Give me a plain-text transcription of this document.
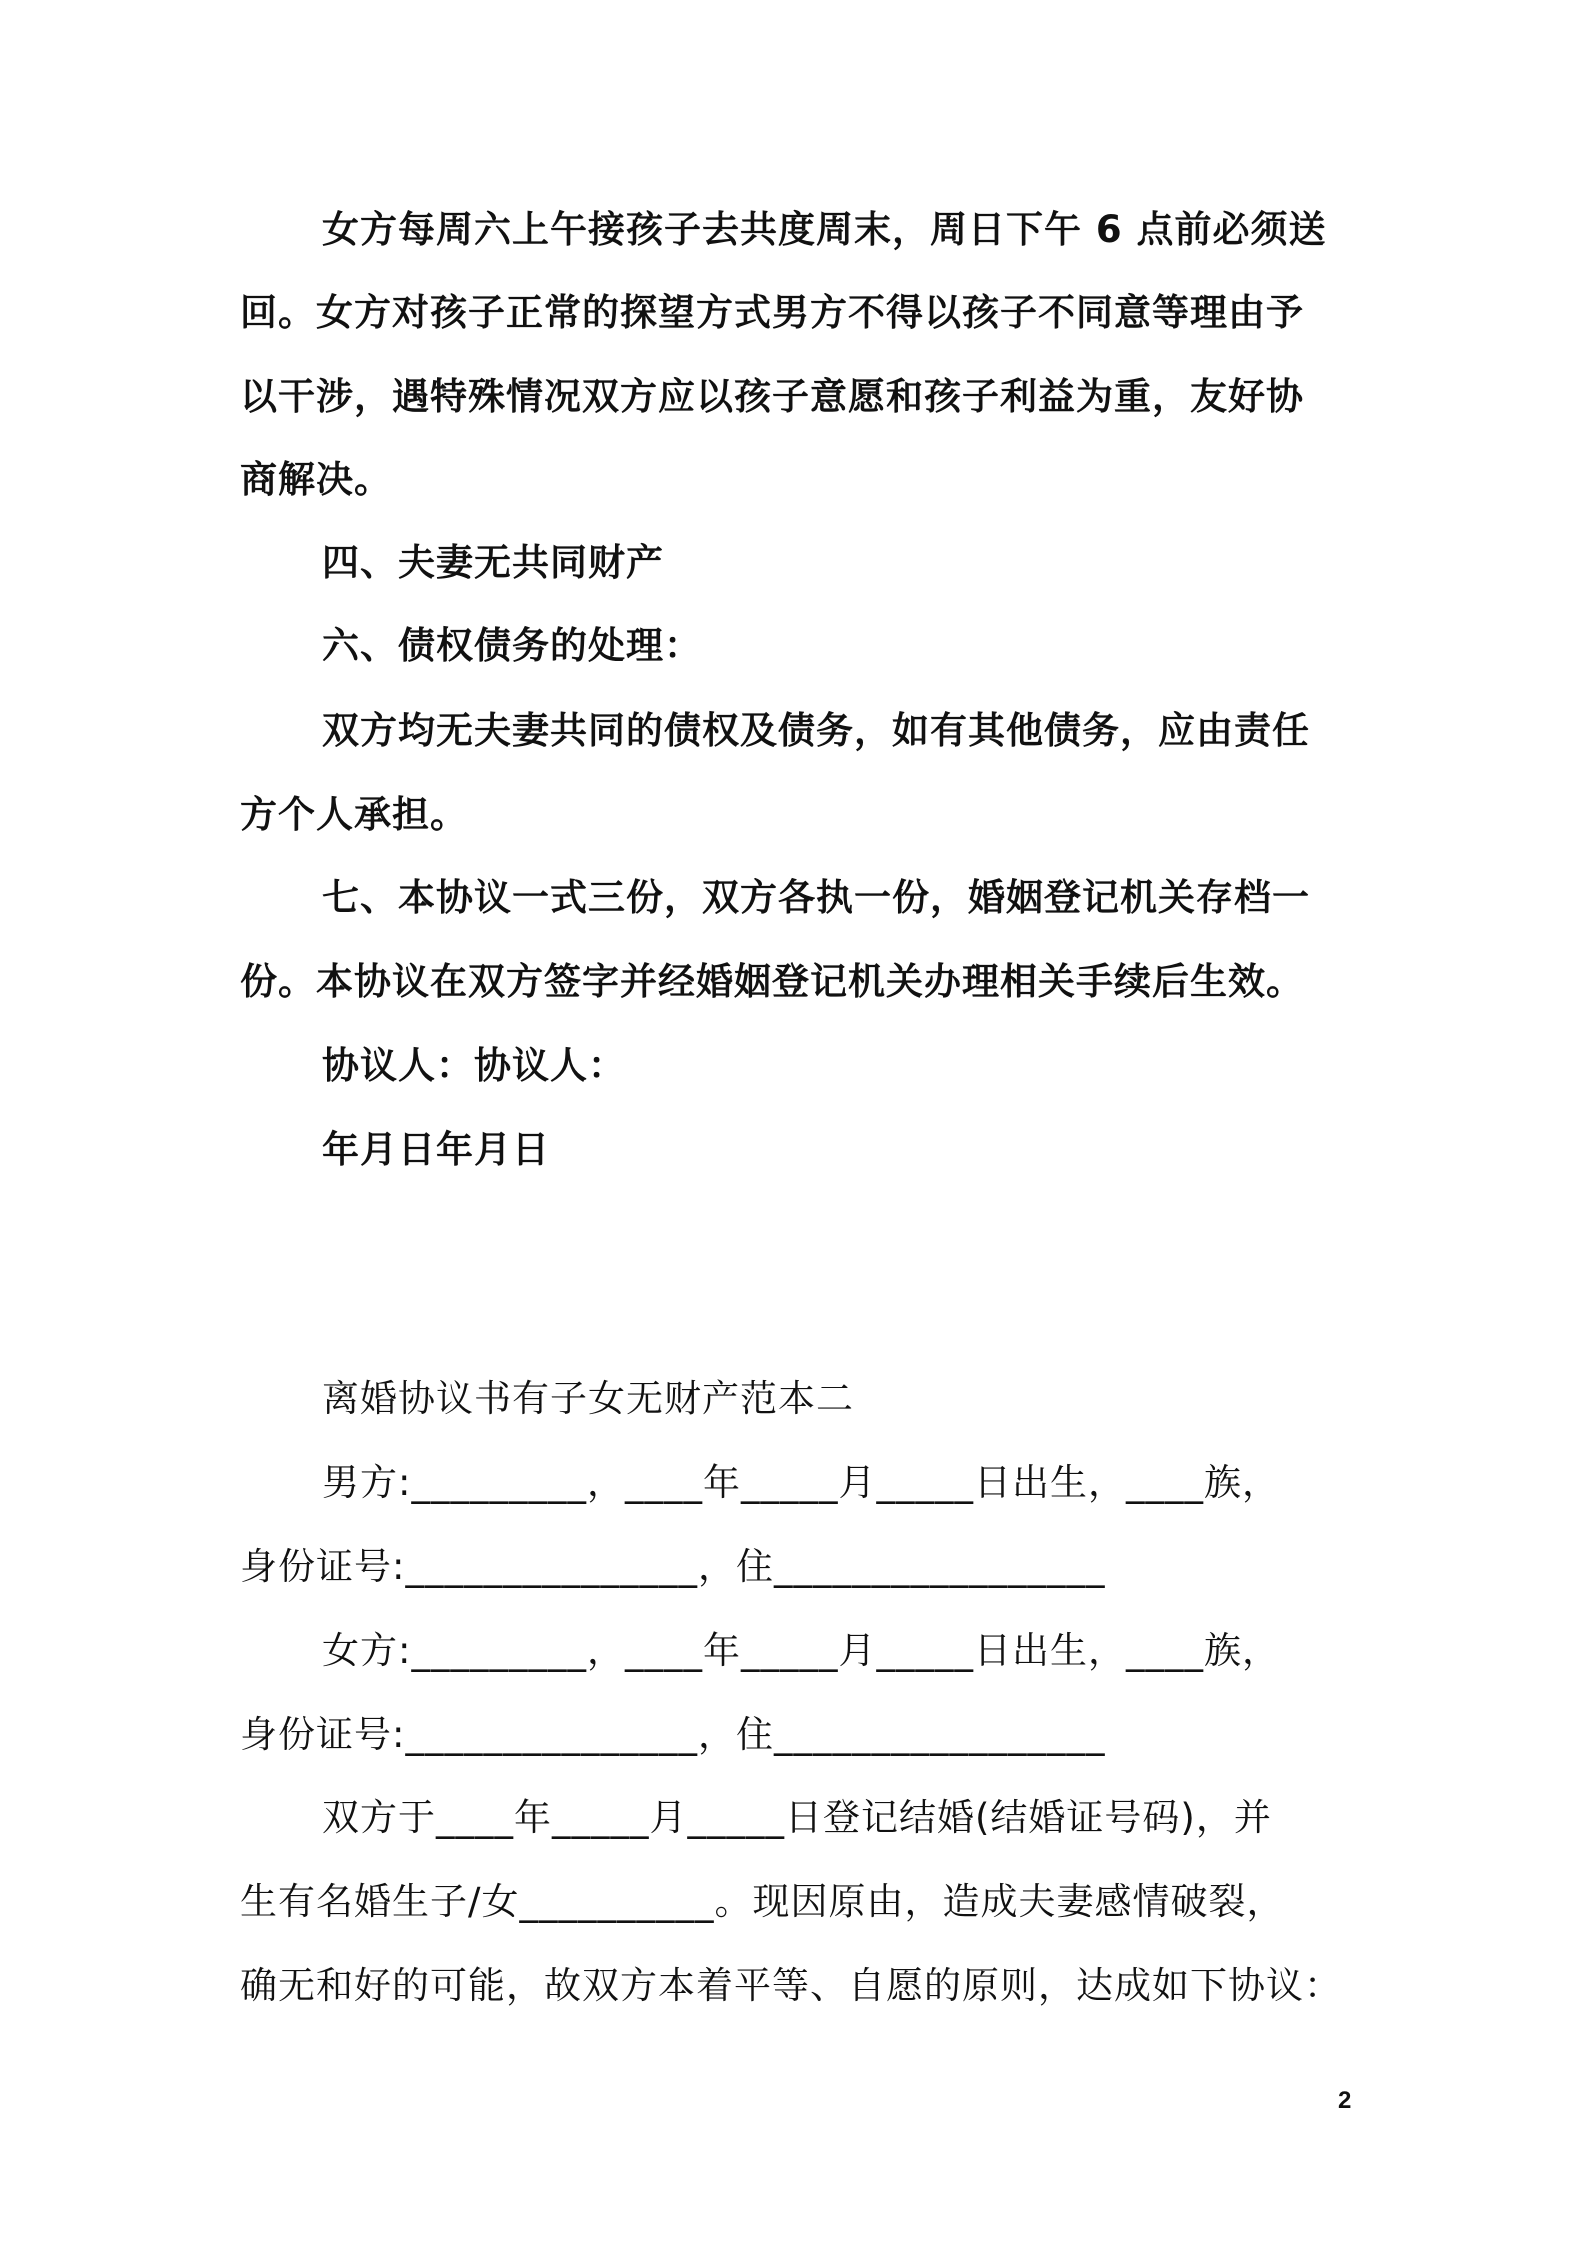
女方每周六上午接孩子去共度周末，周日下午 6 点前必须送
回。女方对孩子正常的探望方式男方不得以孩子不同意等理由予
以干涉，遇特殊情况双方应以孩子意愿和孩子利益为重，友好协
商解决。
四、夫妻无共同财产
六、债权债务的处理：
双方均无夫妻共同的债权及债务，如有其他债务，应由责任
方个人承担。
七、本协议一式三份，双方各执一份，婚姻登记机关存档一
份。本协议在双方签字并经婚姻登记机关办理相关手续后生效。
协议人：协议人：
年月日年月日
离婚协议书有子女无财产范本二
男方:_________，____年_____月_____日出生，____族，
身份证号:_______________，住_________________
女方:_________，____年_____月_____日出生，____族，
身份证号:_______________，住_________________
双方于____年_____月_____日登记结婚(结婚证号码)，并
生有名婚生子/女__________。现因原由，造成夫妻感情破裂，
确无和好的可能，故双方本着平等、自愿的原则，达成如下协议：
2
